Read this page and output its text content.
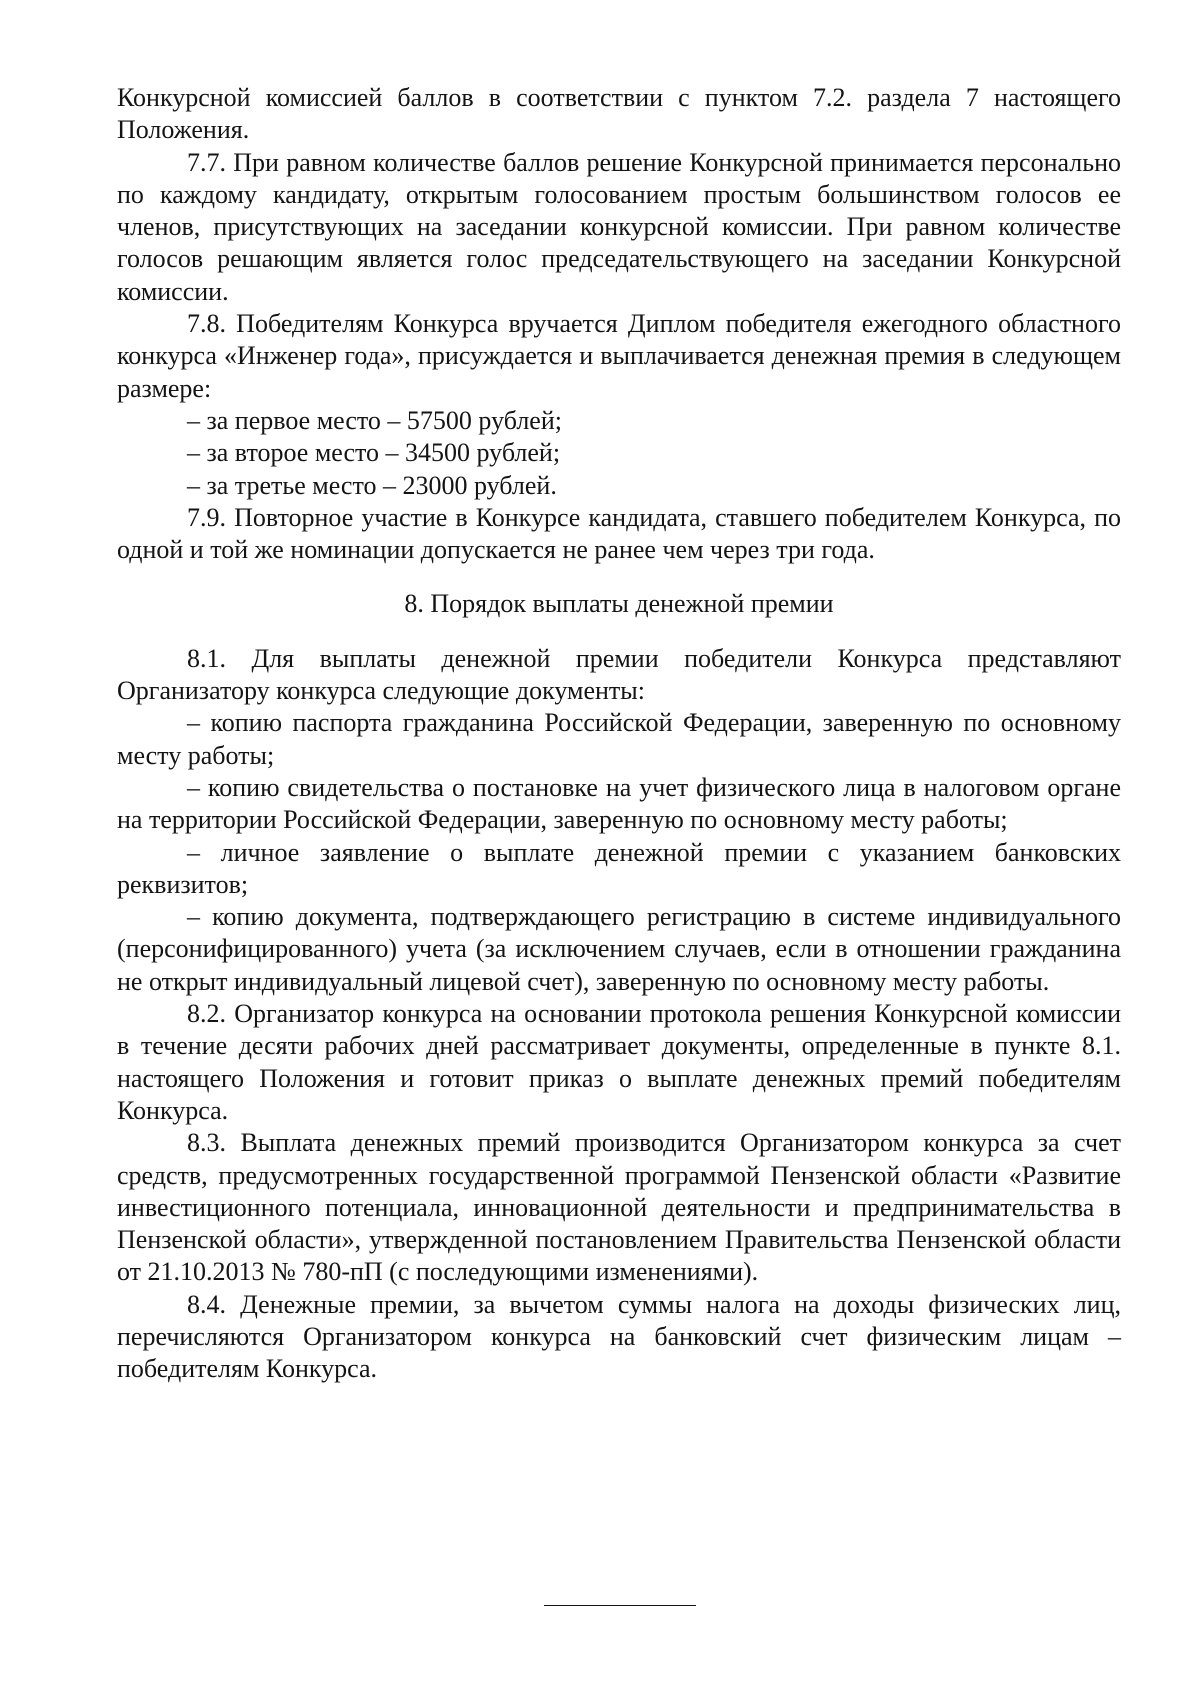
Конкурсной комиссией баллов в соответствии с пунктом 7.2. раздела 7 настоящего Положения.

7.7. При равном количестве баллов решение Конкурсной принимается персонально по каждому кандидату, открытым голосованием простым большинством голосов ее членов, присутствующих на заседании конкурсной комиссии. При равном количестве голосов решающим является голос председательствующего на заседании Конкурсной комиссии.

7.8. Победителям Конкурса вручается Диплом победителя ежегодного областного конкурса «Инженер года», присуждается и выплачивается денежная премия в следующем размере:

– за первое место – 57500 рублей;

– за второе место – 34500 рублей;

– за третье место – 23000 рублей.

7.9. Повторное участие в Конкурсе кандидата, ставшего победителем Конкурса, по одной и той же номинации допускается не ранее чем через три года.

8. Порядок выплаты денежной премии

8.1. Для выплаты денежной премии победители Конкурса представляют Организатору конкурса следующие документы:

– копию паспорта гражданина Российской Федерации, заверенную по основному месту работы;

– копию свидетельства о постановке на учет физического лица в налоговом органе на территории Российской Федерации, заверенную по основному месту работы;

– личное заявление о выплате денежной премии с указанием банковских реквизитов;

– копию документа, подтверждающего регистрацию в системе индивидуального (персонифицированного) учета (за исключением случаев, если в отношении гражданина не открыт индивидуальный лицевой счет), заверенную по основному месту работы.

8.2. Организатор конкурса на основании протокола решения Конкурсной комиссии в течение десяти рабочих дней рассматривает документы, определенные в пункте 8.1. настоящего Положения и готовит приказ о выплате денежных премий победителям Конкурса.

8.3. Выплата денежных премий производится Организатором конкурса за счет средств, предусмотренных государственной программой Пензенской области «Развитие инвестиционного потенциала, инновационной деятельности и предпринимательства в Пензенской области», утвержденной постановлением Правительства Пензенской области от 21.10.2013 № 780-пП (с последующими изменениями).

8.4. Денежные премии, за вычетом суммы налога на доходы физических лиц, перечисляются Организатором конкурса на банковский счет физическим лицам – победителям Конкурса.
